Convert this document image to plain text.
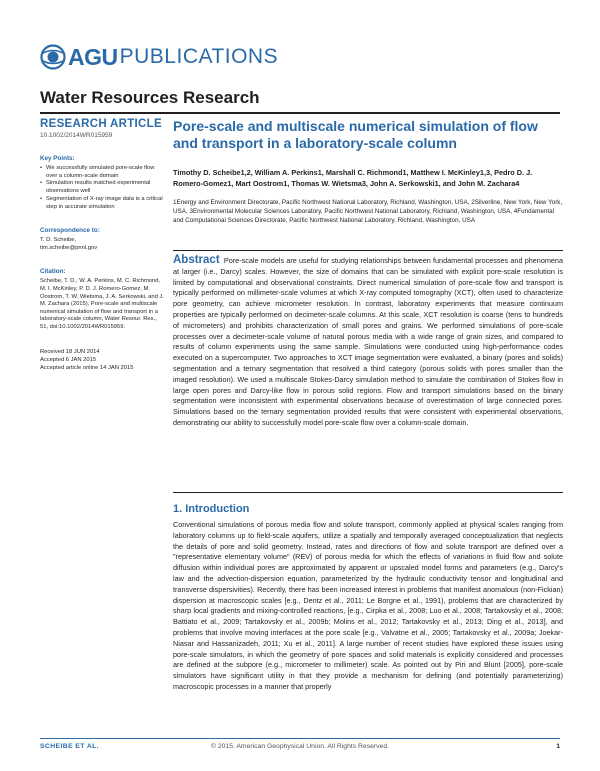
AGU PUBLICATIONS
Water Resources Research
RESEARCH ARTICLE
10.1002/2014WR015959
Key Points:
• We successfully simulated pore-scale flow over a column-scale domain
• Simulation results matched experimental observations well
• Segmentation of X-ray image data is a critical step in accurate simulation
Correspondence to:
T. D. Scheibe,
tim.scheibe@pnnl.gov
Citation:
Scheibe, T. D., W. A. Perkins, M. C. Richmond, M. I. McKinley, P. D. J. Romero-Gomez, M. Oostrom, T. W. Wietsma, J. A. Serkowski, and J. M. Zachara (2015), Pore-scale and multiscale numerical simulation of flow and transport in a laboratory-scale column, Water Resour. Res., 51, doi:10.1002/2014WR015959.
Received 18 JUN 2014
Accepted 6 JAN 2015
Accepted article online 14 JAN 2015
Pore-scale and multiscale numerical simulation of flow and transport in a laboratory-scale column
Timothy D. Scheibe1,2, William A. Perkins1, Marshall C. Richmond1, Matthew I. McKinley1,3, Pedro D. J. Romero-Gomez1, Mart Oostrom1, Thomas W. Wietsma3, John A. Serkowski1, and John M. Zachara4
1Energy and Environment Directorate, Pacific Northwest National Laboratory, Richland, Washington, USA, 2Silverline, New York, New York, USA, 3Environmental Molecular Sciences Laboratory, Pacific Northwest National Laboratory, Richland, Washington, USA, 4Fundamental and Computational Sciences Directorate, Pacific Northwest National Laboratory, Richland, Washington, USA

Abstract Pore-scale models are useful for studying relationships between fundamental processes and phenomena at larger (i.e., Darcy) scales. However, the size of domains that can be simulated with explicit pore-scale resolution is limited by computational and observational constraints. Direct numerical simulation of pore-scale flow and transport is typically performed on millimeter-scale volumes at which X-ray computed tomography (XCT), often used to characterize pore geometry, can achieve micrometer resolution. In contrast, laboratory experiments that measure continuum properties are typically performed on decimeter-scale columns. At this scale, XCT resolution is coarse (tens to hundreds of micrometers) and prohibits characterization of small pores and grains. We performed simulations of pore-scale processes over a decimeter-scale volume of natural porous media with a wide range of grain sizes, and compared to results of column experiments using the same sample. Simulations were conducted using high-performance codes executed on a supercomputer. Two approaches to XCT image segmentation were evaluated, a binary (pores and solids) segmentation and a ternary segmentation that resolved a third category (porous solids with pores smaller than the imaged resolution). We used a multiscale Stokes-Darcy simulation method to simulate the combination of Stokes flow in large open pores and Darcy-like flow in porous solid regions. Flow and transport simulations based on the binary segmentation were inconsistent with experimental observations because of overestimation of large connected pores. Simulations based on the ternary segmentation provided results that were consistent with experimental observations, demonstrating our ability to successfully model pore-scale flow over a column-scale domain.

1. Introduction

Conventional simulations of porous media flow and solute transport, commonly applied at physical scales ranging from laboratory columns up to field-scale aquifers, utilize a spatially and temporally averaged conceptualization that neglects the details of pore and solid geometry. Instead, rates and directions of flow and solute transport are defined over a "representative elementary volume" (REV) of porous media for which the effects of variations in fluid flow and solute diffusion within individual pores are approximated by apparent or upscaled model forms and parameters (e.g., Darcy's law and the advection-dispersion equation, parameterized by the hydraulic conductivity tensor and longitudinal and transverse dispersivities). Recently, there has been increased interest in problems that manifest anomalous (non-Fickian) dispersion at macroscopic scales [e.g., Dentz et al., 2011; Le Borgne et al., 1991), problems that are characterized by sharp local gradients and mixing-controlled reactions, [e.g., Cirpka et al., 2008; Luo et al., 2008; Tartakovsky et al., 2008; Battiato et al., 2009; Tartakovsky et al., 2009b; Molins et al., 2012; Tartakovsky et al., 2013; Ding et al., 2013], and problems that involve moving interfaces at the pore scale [e.g., Valvatne et al., 2005; Tartakovsky et al., 2009a; Joekar-Niasar and Hassanizadeh, 2011; Xu et al., 2011]. A large number of recent studies have explored these issues using pore-scale simulators, in which the geometry of pore spaces and solid materials is explicitly considered and processes are defined at the subpore (e.g., micrometer to millimeter) scale. As pointed out by Piri and Blunt [2005], pore-scale simulators have significant utility in that they provide a mechanism for defining (and potentially parameterizing) macroscopic processes in a manner that properly

SCHEIBE ET AL.	© 2015. American Geophysical Union. All Rights Reserved.	1
